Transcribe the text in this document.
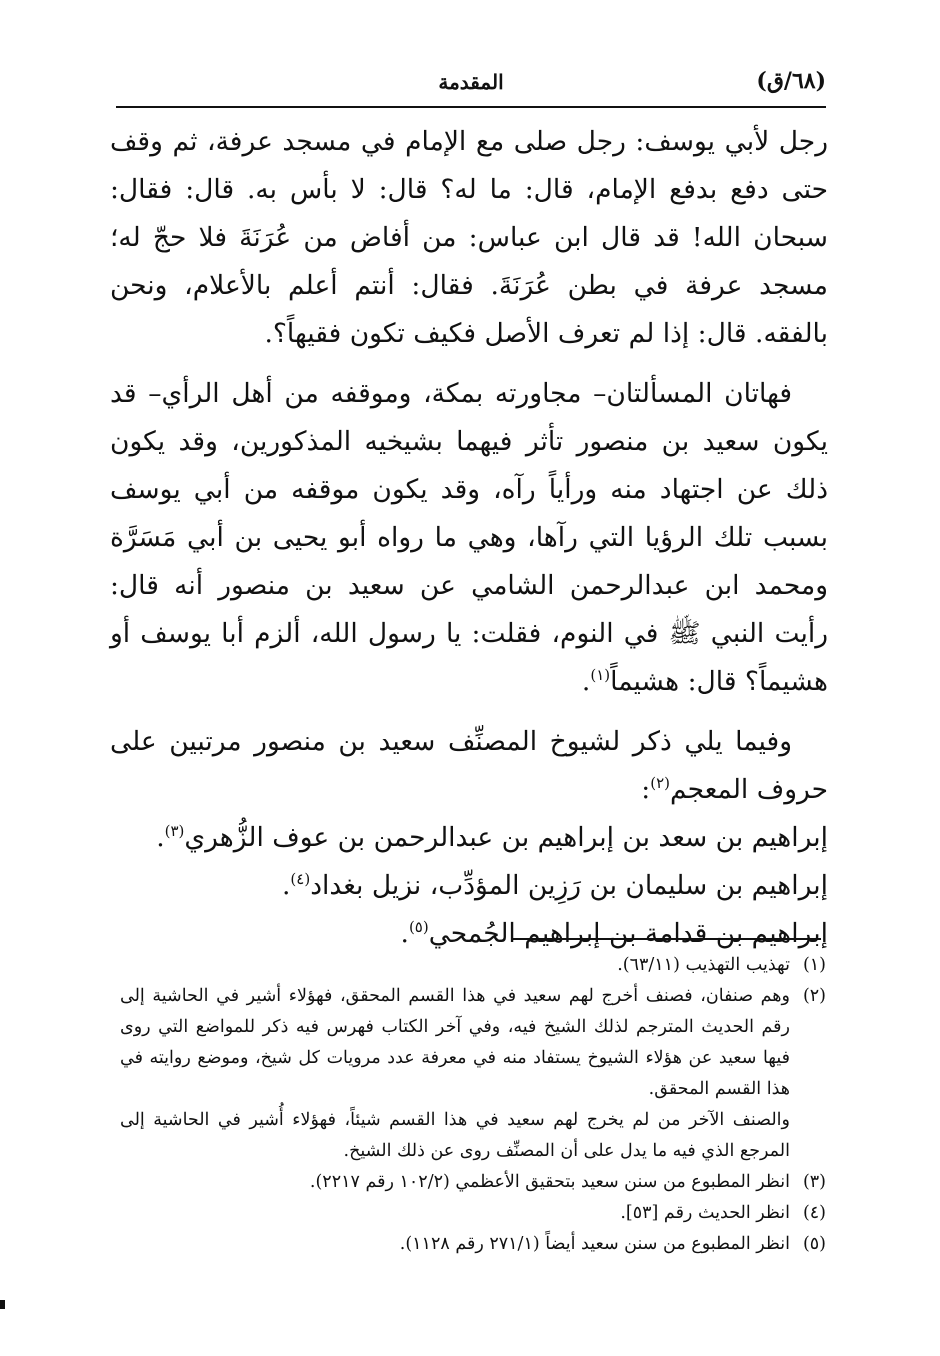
(٦٨/ق)
المقدمة

رجل لأبي يوسف: رجل صلى مع الإمام في مسجد عرفة، ثم وقف حتى دفع بدفع الإمام، قال: ما له؟ قال: لا بأس به. قال: فقال: سبحان الله! قد قال ابن عباس: من أفاض من عُرَنَةَ فلا حجّ له؛ مسجد عرفة في بطن عُرَنَةَ. فقال: أنتم أعلم بالأعلام، ونحن بالفقه. قال: إذا لم تعرف الأصل فكيف تكون فقيهاً؟.

فهاتان المسألتان– مجاورته بمكة، وموقفه من أهل الرأي– قد يكون سعيد بن منصور تأثر فيهما بشيخيه المذكورين، وقد يكون ذلك عن اجتهاد منه ورأياً رآه، وقد يكون موقفه من أبي يوسف بسبب تلك الرؤيا التي رآها، وهي ما رواه أبو يحيى بن أبي مَسَرَّة ومحمد ابن عبدالرحمن الشامي عن سعيد بن منصور أنه قال: رأيت النبي ﷺ في النوم، فقلت: يا رسول الله، ألزم أبا يوسف أو هشيماً؟ قال: هشيماً$^{(١)}$.

وفيما يلي ذكر لشيوخ المصنِّف سعيد بن منصور مرتبين على حروف المعجم$^{(٢)}$:

إبراهيم بن سعد بن إبراهيم بن عبدالرحمن بن عوف الزُّهري$^{(٣)}$.

إبراهيم بن سليمان بن رَزِين المؤدِّب، نزيل بغداد$^{(٤)}$.

إبراهيم بن قدامة بن إبراهيم الجُمحي$^{(٥)}$.

(١)
تهذيب التهذيب (٦٣/١١).
(٢)

وهم صنفان، فصنف أخرج لهم سعيد في هذا القسم المحقق، فهؤلاء أشير في الحاشية إلى رقم الحديث المترجم لذلك الشيخ فيه، وفي آخر الكتاب فهرس فيه ذكر للمواضع التي روى فيها سعيد عن هؤلاء الشيوخ يستفاد منه في معرفة عدد مرويات كل شيخ، وموضع روايته في هذا القسم المحقق.

والصنف الآخر من لم يخرج لهم سعيد في هذا القسم شيئاً، فهؤلاء أُشير في الحاشية إلى المرجع الذي فيه ما يدل على أن المصنِّف روى عن ذلك الشيخ.

(٣)
انظر المطبوع من سنن سعيد بتحقيق الأعظمي (١٠٢/٢ رقم ٢٢١٧).
(٤)
انظر الحديث رقم [٥٣].
(٥)
انظر المطبوع من سنن سعيد أيضاً (٢٧١/١ رقم ١١٢٨).
